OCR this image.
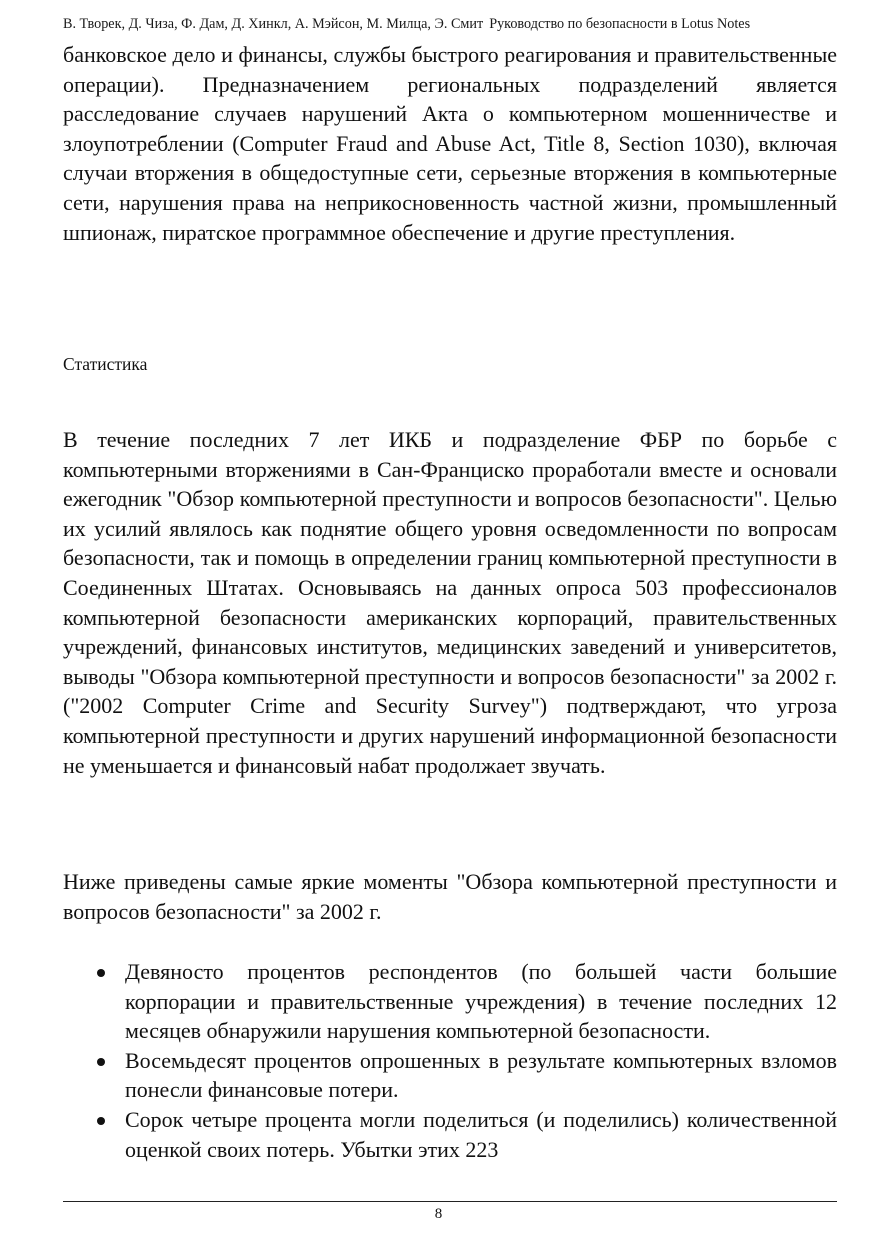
В. Творек, Д. Чиза, Ф. Дам, Д. Хинкл, А. Мэйсон, М. Милца, Э. Смит Руководство по безопасности в Lotus Notes

банковское дело и финансы, службы быстрого реагирования и правительственные операции). Предназначением региональных подразделений является расследование случаев нарушений Акта о компьютерном мошенничестве и злоупотреблении (Computer Fraud and Abuse Act, Title 8, Section 1030), включая случаи вторжения в общедоступные сети, серьезные вторжения в компьютерные сети, нарушения права на неприкосновенность частной жизни, промышленный шпионаж, пиратское программное обеспечение и другие преступления.

Статистика

В течение последних 7 лет ИКБ и подразделение ФБР по борьбе с компьютерными вторжениями в Сан-Франциско проработали вместе и основали ежегодник "Обзор компьютерной преступности и вопросов безопасности". Целью их усилий являлось как поднятие общего уровня осведомленности по вопросам безопасности, так и помощь в определении границ компьютерной преступности в Соединенных Штатах. Основываясь на данных опроса 503 профессионалов компьютерной безопасности американских корпораций, правительственных учреждений, финансовых институтов, медицинских заведений и университетов, выводы "Обзора компьютерной преступности и вопросов безопасности" за 2002 г. ("2002 Computer Crime and Security Survey") подтверждают, что угроза компьютерной преступности и других нарушений информационной безопасности не уменьшается и финансовый набат продолжает звучать.

Ниже приведены самые яркие моменты "Обзора компьютерной преступности и вопросов безопасности" за 2002 г.

Девяносто процентов респондентов (по большей части большие корпорации и правительственные учреждения) в течение последних 12 месяцев обнаружили нарушения компьютерной безопасности.
Восемьдесят процентов опрошенных в результате компьютерных взломов понесли финансовые потери.
Сорок четыре процента могли поделиться (и поделились) количественной оценкой своих потерь. Убытки этих 223
8
